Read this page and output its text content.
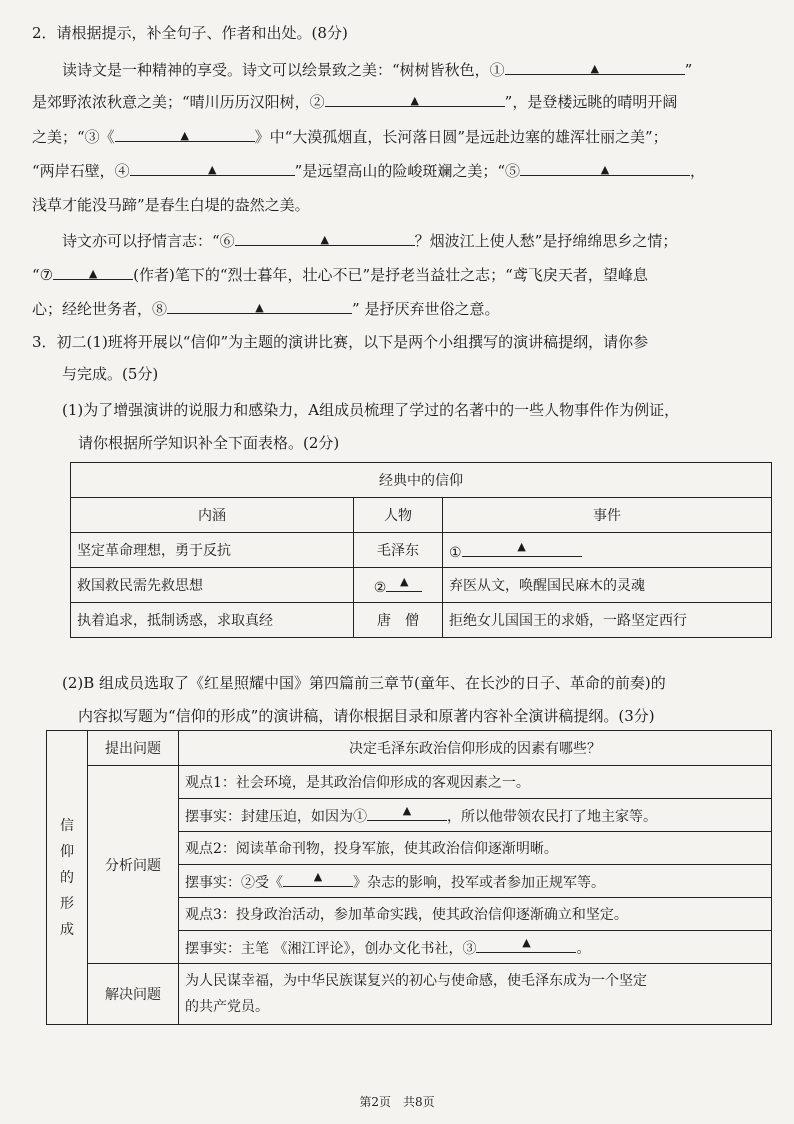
2．请根据提示，补全句子、作者和出处。(8分)
读诗文是一种精神的享受。诗文可以绘景致之美：“树树皆秋色，①	▲	”
是郊野浓浓秋意之美；“晴川历历汉阳树，②	▲	”，是登楼远眺的晴明开阔
之美；“③《	▲	》中“大漠孤烟直，长河落日圆”是远赴边塞的雄浑壮丽之美”；
“两岸石壁，④	▲	”是远望高山的险峻斑斓之美；“⑤	▲	，
浅草才能没马蹄”是春生白堤的盎然之美。
诗文亦可以抒情言志：“⑥	▲	？烟波江上使人愁”是抒绵绵思乡之情；
“⑦	▲ (作者)笔下的“烈士暮年，壮心不已”是抒老当益壮之志；“鸢飞戾天者，望峰息
心；经纶世务者，⑧	▲	” 是抒厌弃世俗之意。
3．初二(1)班将开展以“信仰”为主题的演讲比赛，以下是两个小组撰写的演讲稿提纲，请你参
与完成。(5分)
(1)为了增强演讲的说服力和感染力，A组成员梳理了学过的名著中的一些人物事件作为例证，
请你根据所学知识补全下面表格。(2分)
经典中的信仰		
内涵	人物	事件
坚定革命理想，勇于反抗	毛泽东	① ▲

救国救民需先救思想	② ▲	弃医从文，唤醒国民麻木的灵魂
执着追求，抵制诱惑，求取真经	唐　僧	拒绝女儿国国王的求婚，一路坚定西行
(2)B 组成员选取了《红星照耀中国》第四篇前三章节(童年、在长沙的日子、革命的前奏)的
内容拟写题为“信仰的形成”的演讲稿，请你根据目录和原著内容补全演讲稿提纲。(3分)
信
仰
的
形
成	提出问题	决定毛泽东政治信仰形成的因素有哪些？
	分析问题	观点1：社会环境，是其政治信仰形成的客观因素之一。
		摆事实：封建压迫，如因为① ▲ ，所以他带领农民打了地主家等。
		观点2：阅读革命刊物，投身军旅，使其政治信仰逐渐明晰。
		摆事实：②受《 ▲ 》杂志的影响，投军或者参加正规军等。
		观点3：投身政治活动，参加革命实践，使其政治信仰逐渐确立和坚定。
		摆事实：主笔 《湘江评论》，创办文化书社，③ ▲ 。
	解决问题	为人民谋幸福，为中华民族谋复兴的初心与使命感，使毛泽东成为一个坚定
的共产党员。
第2页　共8页
